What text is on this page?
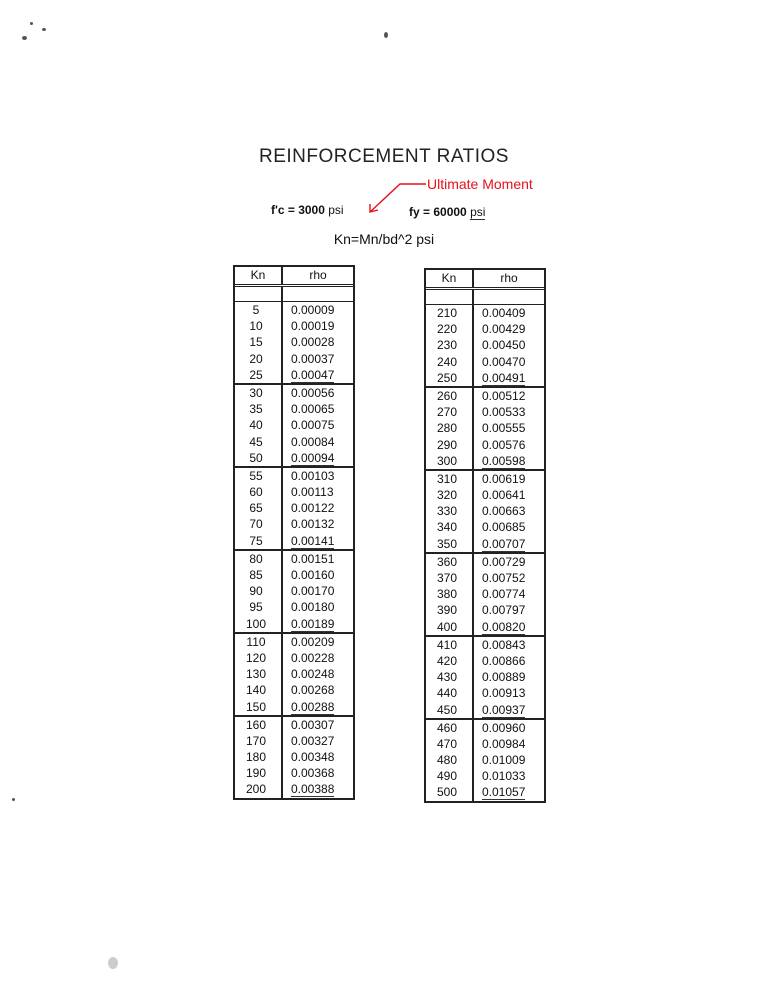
REINFORCEMENT RATIOS
f'c = 3000 psi	fy = 60000 psi
Ultimate Moment
Kn=Mn/bd^2 psi
Kn	rho
5	0.00009
10	0.00019
15	0.00028
20	0.00037
25	0.00047
30	0.00056
35	0.00065
40	0.00075
45	0.00084
50	0.00094
55	0.00103
60	0.00113
65	0.00122
70	0.00132
75	0.00141
80	0.00151
85	0.00160
90	0.00170
95	0.00180
100	0.00189
110	0.00209
120	0.00228
130	0.00248
140	0.00268
150	0.00288
160	0.00307
170	0.00327
180	0.00348
190	0.00368
200	0.00388
Kn	rho
210	0.00409
220	0.00429
230	0.00450
240	0.00470
250	0.00491
260	0.00512
270	0.00533
280	0.00555
290	0.00576
300	0.00598
310	0.00619
320	0.00641
330	0.00663
340	0.00685
350	0.00707
360	0.00729
370	0.00752
380	0.00774
390	0.00797
400	0.00820
410	0.00843
420	0.00866
430	0.00889
440	0.00913
450	0.00937
460	0.00960
470	0.00984
480	0.01009
490	0.01033
500	0.01057
